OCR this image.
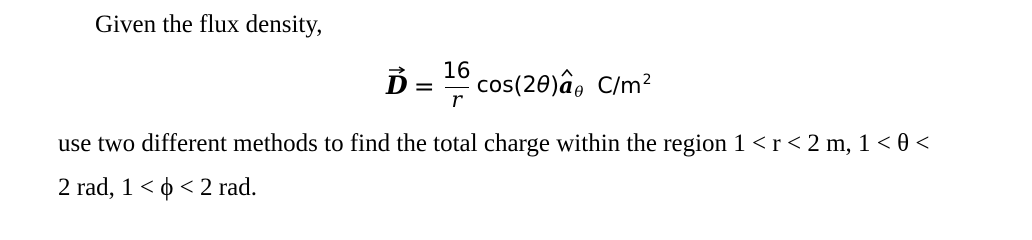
Given the flux density,
$D = \frac{16}{r}$ cos ( 2 θ ) a θ $C/m^2$
use two different methods to find the total charge within the region 1 < r < 2 m, 1 < θ <
2 rad, 1 < ϕ < 2 rad.
